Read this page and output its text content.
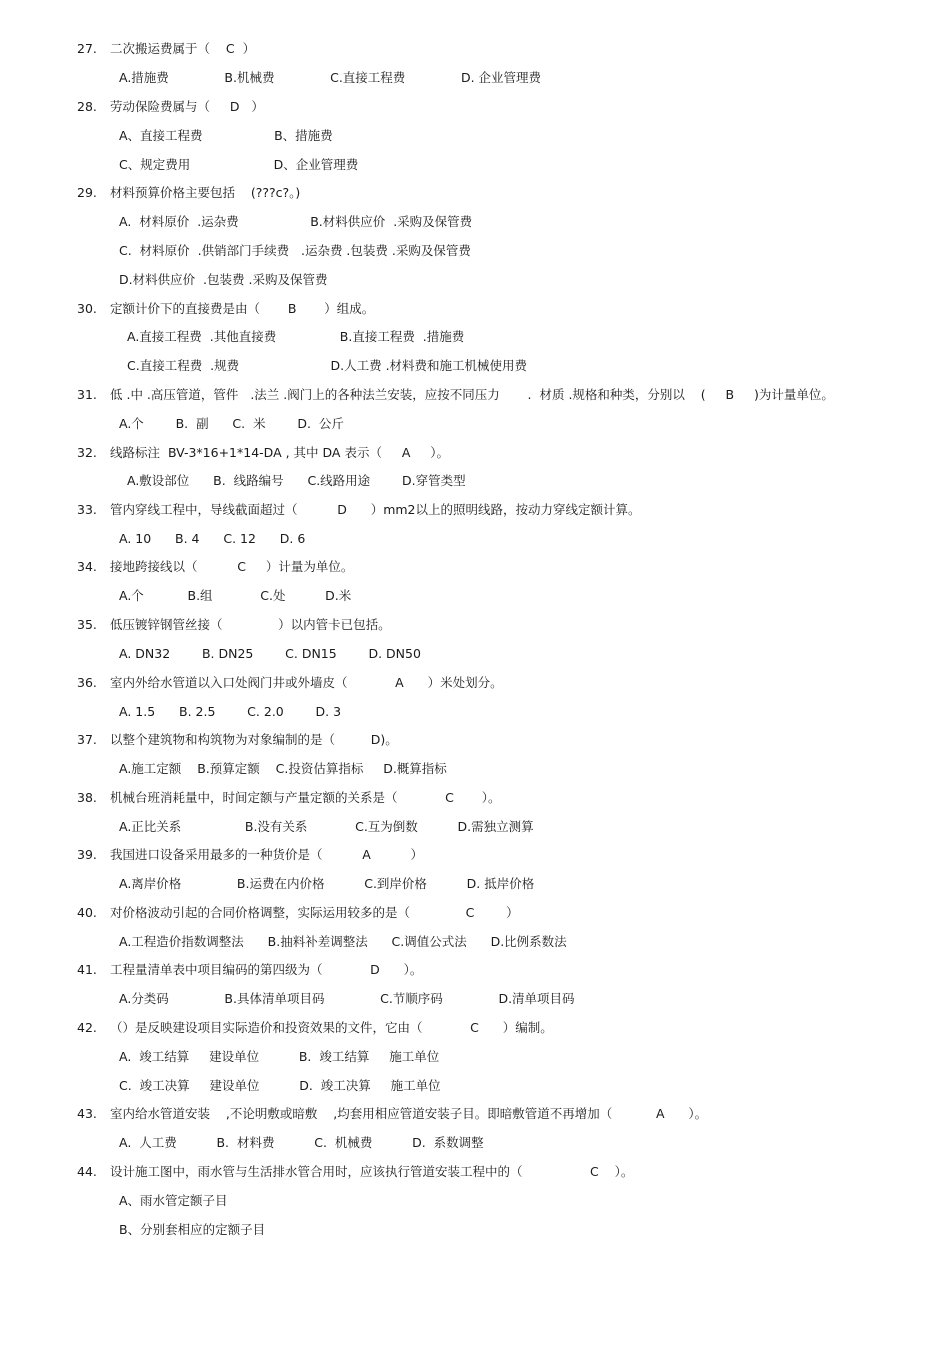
27.	二次搬运费属于（    C  ）
A.措施费              B.机械费              C.直接工程费              D. 企业管理费
28.	劳动保险费属与（     D   ）
A、直接工程费                  B、措施费
C、规定费用                     D、企业管理费
29.	材料预算价格主要包括    (???c?。)
A.  材料原价  .运杂费                  B.材料供应价  .采购及保管费
C.  材料原价  .供销部门手续费   .运杂费 .包装费 .采购及保管费
D.材料供应价  .包装费 .采购及保管费
30.	定额计价下的直接费是由（       B       ）组成。
A.直接工程费  .其他直接费                B.直接工程费  .措施费
C.直接工程费  .规费                       D.人工费 .材料费和施工机械使用费
31.	低 .中 .高压管道，管件   .法兰 .阀门上的各种法兰安装，应按不同压力       .  材质 .规格和种类，分别以    (     B     )为计量单位。
A.个        B.  副      C.  米        D.  公斤
32.	线路标注  BV-3*16+1*14-DA , 其中 DA 表示（     A     ）。
A.敷设部位      B.  线路编号      C.线路用途        D.穿管类型
33.	管内穿线工程中，导线截面超过（          D      ）mm2以上的照明线路，按动力穿线定额计算。
A. 10      B. 4      C. 12      D. 6
34.	接地跨接线以（          C     ）计量为单位。
A.个           B.组            C.处          D.米
35.	低压镀锌钢管丝接（              ）以内管卡已包括。
A. DN32        B. DN25        C. DN15        D. DN50
36.	室内外给水管道以入口处阀门井或外墙皮（            A      ）米处划分。
A. 1.5      B. 2.5        C. 2.0        D. 3
37.	以整个建筑物和构筑物为对象编制的是（         D)。
A.施工定额    B.预算定额    C.投资估算指标     D.概算指标
38.	机械台班消耗量中，时间定额与产量定额的关系是（            C       ）。
A.正比关系                B.没有关系            C.互为倒数          D.需独立测算
39.	我国进口设备采用最多的一种货价是（          A          ）
A.离岸价格              B.运费在内价格          C.到岸价格          D. 抵岸价格
40.	对价格波动引起的合同价格调整，实际运用较多的是（              C        ）
A.工程造价指数调整法      B.抽料补差调整法      C.调值公式法      D.比例系数法
41.	工程量清单表中项目编码的第四级为（            D      ）。
A.分类码              B.具体清单项目码              C.节顺序码              D.清单项目码
42.	（）是反映建设项目实际造价和投资效果的文件，它由（            C      ）编制。
A.  竣工结算     建设单位          B.  竣工结算     施工单位
C.  竣工决算     建设单位          D.  竣工决算     施工单位
43.	室内给水管道安装    ,不论明敷或暗敷    ,均套用相应管道安装子目。即暗敷管道不再增加（           A      ）。
A.  人工费          B.  材料费          C.  机械费          D.  系数调整
44.	设计施工图中，雨水管与生活排水管合用时，应该执行管道安装工程中的（                 C    ）。
A、雨水管定额子目
B、分别套相应的定额子目
